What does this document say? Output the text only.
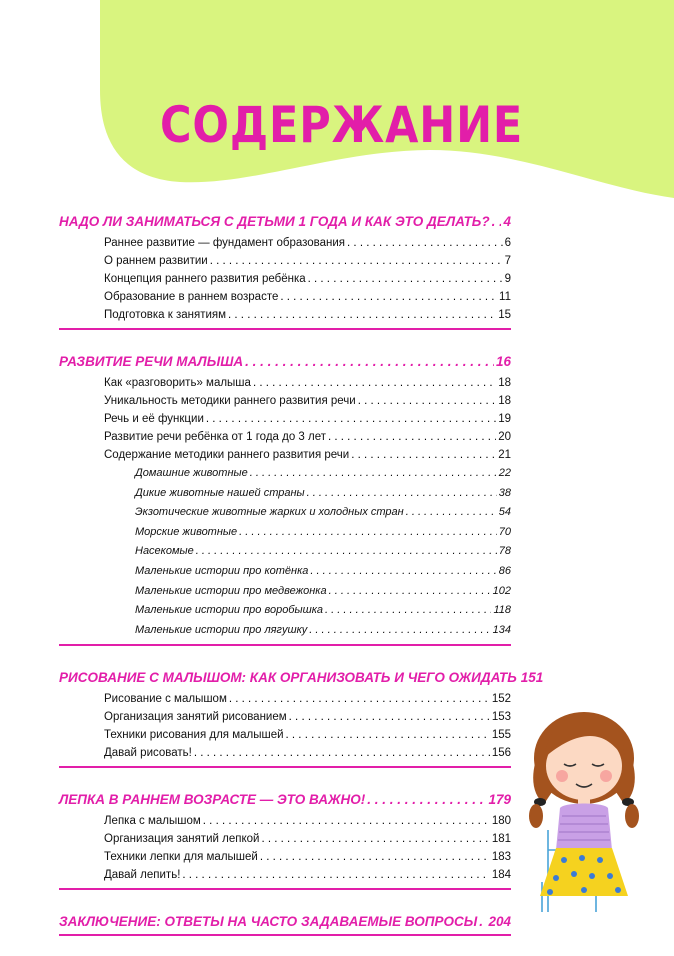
СОДЕРЖАНИЕ
НАДО ЛИ ЗАНИМАТЬСЯ С ДЕТЬМИ 1 ГОДА И КАК ЭТО ДЕЛАТЬ? . . . 4
Раннее развитие — фундамент образования . . .	6
О раннем развитии . . .	7
Концепция раннего развития ребёнка . . .	9
Образование в раннем возрасте . . .	11
Подготовка к занятиям . . .	15
РАЗВИТИЕ РЕЧИ МАЛЫША . . .	16
Как «разговорить» малыша . . .	18
Уникальность методики раннего развития речи . . .	18
Речь и её функции . . .	19
Развитие речи ребёнка от 1 года до 3 лет . . .	20
Содержание методики раннего развития речи . . .	21
Домашние животные . . .	22
Дикие животные нашей страны . . .	38
Экзотические животные жарких и холодных стран . . .	54
Морские животные . . .	70
Насекомые . . .	78
Маленькие истории про котёнка . . .	86
Маленькие истории про медвежонка . . .	102
Маленькие истории про воробышка . . .	118
Маленькие истории про лягушку . . .	134
РИСОВАНИЕ С МАЛЫШОМ: КАК ОРГАНИЗОВАТЬ И ЧЕГО ОЖИДАТЬ 151
Рисование с малышом . . .	152
Организация занятий рисованием . . .	153
Техники рисования для малышей . . .	155
Давай рисовать! . . .	156
ЛЕПКА В РАННЕМ ВОЗРАСТЕ — ЭТО ВАЖНО! . . .	179
Лепка с малышом . . .	180
Организация занятий лепкой . . .	181
Техники лепки для малышей . . .	183
Давай лепить! . . .	184
ЗАКЛЮЧЕНИЕ: ОТВЕТЫ НА ЧАСТО ЗАДАВАЕМЫЕ ВОПРОСЫ . . . 204
